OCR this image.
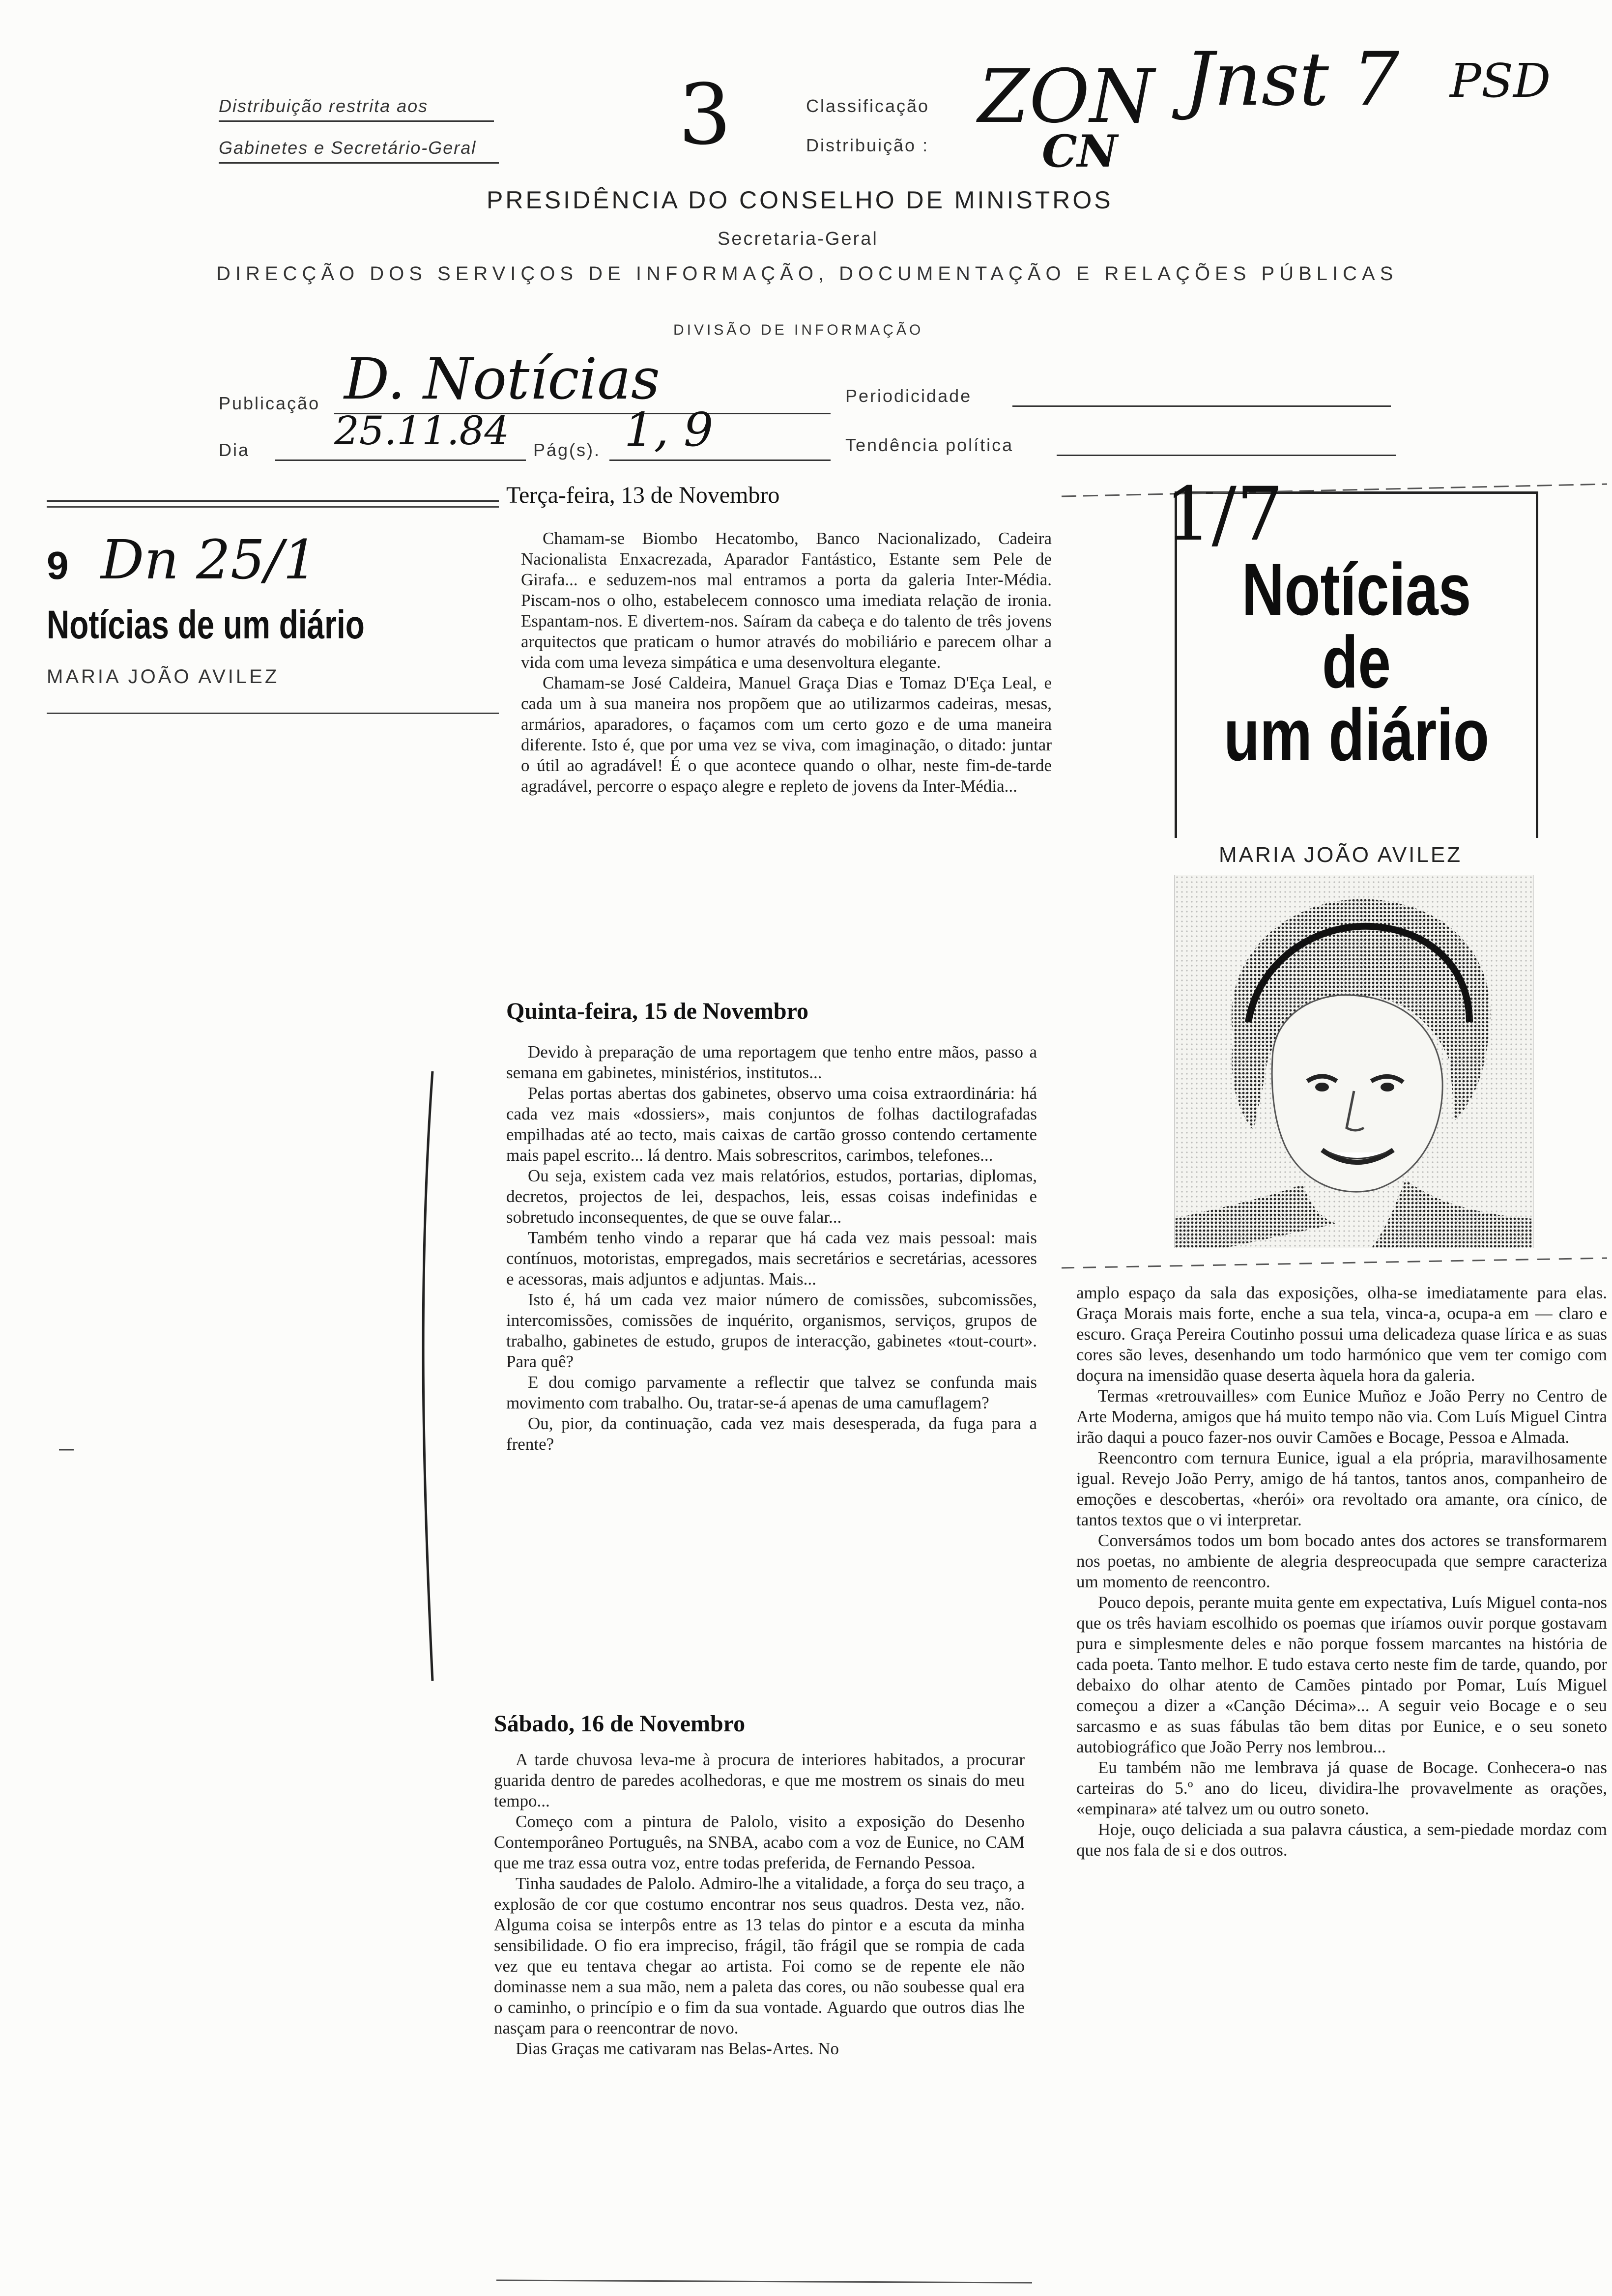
Distribuição restrita aos
Gabinetes e Secretário-Geral 3	Classificação ZON
Distribuição :	CN
Jnst 7 PSD
PRESIDÊNCIA DO CONSELHO DE MINISTROS
Secretaria-Geral
DIRECÇÃO DOS SERVIÇOS DE INFORMAÇÃO, DOCUMENTAÇÃO E RELAÇÕES PÚBLICAS
DIVISÃO DE INFORMAÇÃO
Publicação D. Notícias	Periodicidade
Dia 25.11.84 Pág(s). 1, 9	Tendência política
9 Dn 25/1
Notícias de um diário
MARIA JOÃO AVILEZ
1/7
Notícias
de
um diário
MARIA JOÃO AVILEZ
Terça-feira, 13 de Novembro

Chamam-se Biombo Hecatombo, Banco Nacionalizado, Cadeira Nacionalista Enxacrezada, Aparador Fantástico, Estante sem Pele de Girafa... e seduzem-nos mal entramos a porta da galeria Inter-Média. Piscam-nos o olho, estabelecem connosco uma imediata relação de ironia. Espantam-nos. E divertem-nos. Saíram da cabeça e do talento de três jovens arquitectos que praticam o humor através do mobiliário e parecem olhar a vida com uma leveza simpática e uma desenvoltura elegante.

Chamam-se José Caldeira, Manuel Graça Dias e Tomaz D'Eça Leal, e cada um à sua maneira nos propõem que ao utilizarmos cadeiras, mesas, armários, aparadores, o façamos com um certo gozo e de uma maneira diferente. Isto é, que por uma vez se viva, com imaginação, o ditado: juntar o útil ao agradável! É o que acontece quando o olhar, neste fim-de-tarde agradável, percorre o espaço alegre e repleto de jovens da Inter-Média...

Quinta-feira, 15 de Novembro

Devido à preparação de uma reportagem que tenho entre mãos, passo a semana em gabinetes, ministérios, institutos...

Pelas portas abertas dos gabinetes, observo uma coisa extraordinária: há cada vez mais «dossiers», mais conjuntos de folhas dactilografadas empilhadas até ao tecto, mais caixas de cartão grosso contendo certamente mais papel escrito... lá dentro. Mais sobrescritos, carimbos, telefones...

Ou seja, existem cada vez mais relatórios, estudos, portarias, diplomas, decretos, projectos de lei, despachos, leis, essas coisas indefinidas e sobretudo inconsequentes, de que se ouve falar...

Também tenho vindo a reparar que há cada vez mais pessoal: mais contínuos, motoristas, empregados, mais secretários e secretárias, acessores e acessoras, mais adjuntos e adjuntas. Mais...

Isto é, há um cada vez maior número de comissões, subcomissões, intercomissões, comissões de inquérito, organismos, serviços, grupos de trabalho, gabinetes de estudo, grupos de interacção, gabinetes «tout-court». Para quê?

E dou comigo parvamente a reflectir que talvez se confunda mais movimento com trabalho. Ou, tratar-se-á apenas de uma camuflagem?

Ou, pior, da continuação, cada vez mais desesperada, da fuga para a frente?

Sábado, 16 de Novembro

A tarde chuvosa leva-me à procura de interiores habitados, a procurar guarida dentro de paredes acolhedoras, e que me mostrem os sinais do meu tempo...

Começo com a pintura de Palolo, visito a exposição do Desenho Contemporâneo Português, na SNBA, acabo com a voz de Eunice, no CAM que me traz essa outra voz, entre todas preferida, de Fernando Pessoa.

Tinha saudades de Palolo. Admiro-lhe a vitalidade, a força do seu traço, a explosão de cor que costumo encontrar nos seus quadros. Desta vez, não. Alguma coisa se interpôs entre as 13 telas do pintor e a escuta da minha sensibilidade. O fio era impreciso, frágil, tão frágil que se rompia de cada vez que eu tentava chegar ao artista. Foi como se de repente ele não dominasse nem a sua mão, nem a paleta das cores, ou não soubesse qual era o caminho, o princípio e o fim da sua vontade. Aguardo que outros dias lhe nasçam para o reencontrar de novo.

Dias Graças me cativaram nas Belas-Artes. No

amplo espaço da sala das exposições, olha-se imediatamente para elas. Graça Morais mais forte, enche a sua tela, vinca-a, ocupa-a em — claro e escuro. Graça Pereira Coutinho possui uma delicadeza quase lírica e as suas cores são leves, desenhando um todo harmónico que vem ter comigo com doçura na imensidão quase deserta àquela hora da galeria.

Termas «retrouvailles» com Eunice Muñoz e João Perry no Centro de Arte Moderna, amigos que há muito tempo não via. Com Luís Miguel Cintra irão daqui a pouco fazer-nos ouvir Camões e Bocage, Pessoa e Almada.

Reencontro com ternura Eunice, igual a ela própria, maravilhosamente igual. Revejo João Perry, amigo de há tantos, tantos anos, companheiro de emoções e descobertas, «herói» ora revoltado ora amante, ora cínico, de tantos textos que o vi interpretar.

Conversámos todos um bom bocado antes dos actores se transformarem nos poetas, no ambiente de alegria despreocupada que sempre caracteriza um momento de reencontro.

Pouco depois, perante muita gente em expectativa, Luís Miguel conta-nos que os três haviam escolhido os poemas que iríamos ouvir porque gostavam pura e simplesmente deles e não porque fossem marcantes na história de cada poeta. Tanto melhor. E tudo estava certo neste fim de tarde, quando, por debaixo do olhar atento de Camões pintado por Pomar, Luís Miguel começou a dizer a «Canção Décima»... A seguir veio Bocage e o seu sarcasmo e as suas fábulas tão bem ditas por Eunice, e o seu soneto autobiográfico que João Perry nos lembrou...

Eu também não me lembrava já quase de Bocage. Conhecera-o nas carteiras do 5.º ano do liceu, dividira-lhe provavelmente as orações, «empinara» até talvez um ou outro soneto.

Hoje, ouço deliciada a sua palavra cáustica, a sem-piedade mordaz com que nos fala de si e dos outros.
